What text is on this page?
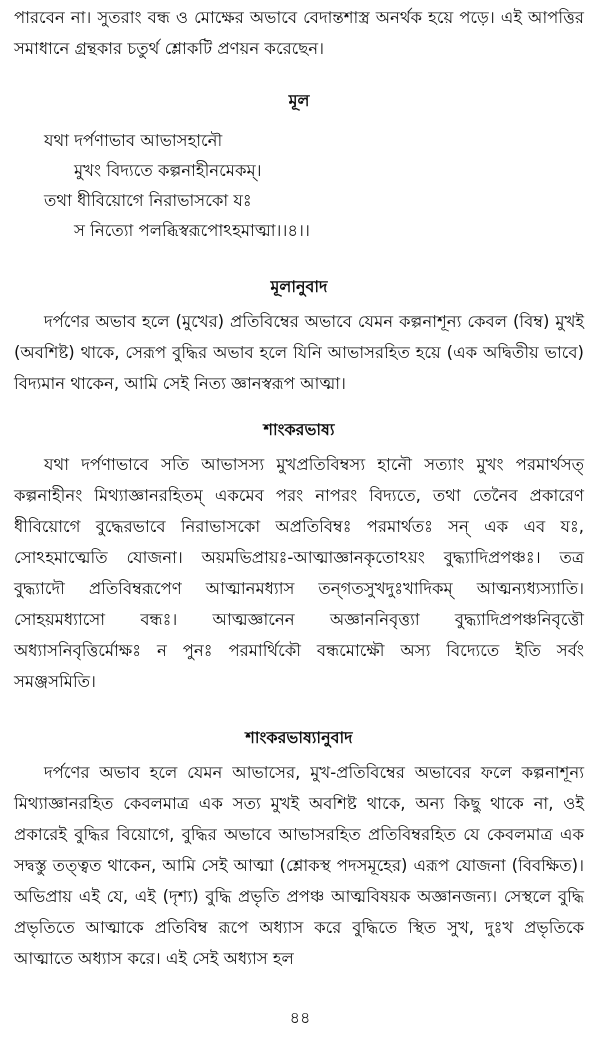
পারবেন না। সুতরাং বন্ধ ও মোক্ষের অভাবে বেদান্তশাস্ত্র অনর্থক হয়ে পড়ে। এই আপত্তির সমাধানে গ্রন্থকার চতুর্থ শ্লোকটি প্রণয়ন করেছেন।

মূল
যথা দর্পণাভাব আভাসহানৌ
মুখং বিদ্যতে কল্পনাহীনমেকম্।
তথা ধীবিয়োগে নিরাভাসকো যঃ
স নিত্যো পলব্ধিস্বরূপোঽহমাত্মা।।৪।।
মূলানুবাদ

দর্পণের অভাব হলে (মুখের) প্রতিবিম্বের অভাবে যেমন কল্পনাশূন্য কেবল (বিম্ব) মুখই (অবশিষ্ট) থাকে, সেরূপ বুদ্ধির অভাব হলে যিনি আভাসরহিত হয়ে (এক অদ্বিতীয় ভাবে) বিদ্যমান থাকেন, আমি সেই নিত্য জ্ঞানস্বরূপ আত্মা।

শাংকরভাষ্য

যথা দর্পণাভাবে সতি আভাসস্য মুখপ্রতিবিম্বস্য হানৌ সত্যাং মুখং পরমার্থসত্ কল্পনাহীনং মিথ্যাজ্ঞানরহিতম্ একমেব পরং নাপরং বিদ্যতে, তথা তেনৈব প্রকারেণ ধীবিয়োগে বুদ্ধেরভাবে নিরাভাসকো অপ্রতিবিম্বঃ পরমার্থতঃ সন্ এক এব যঃ, সোঽহমাত্মেতি যোজনা। অয়মভিপ্রায়ঃ-আত্মাজ্ঞানকৃতোঽয়ং বুদ্ধ্যাদিপ্রপঞ্চঃ। তত্র বুদ্ধ্যাদৌ প্রতিবিম্বরূপেণ আত্মানমধ্যাস তন্গতসুখদুঃখাদিকম্ আত্মন্যধ্যস্যাতি। সোহয়মধ্যাসো বন্ধঃ। আত্মজ্ঞানেন অজ্ঞাননিবৃত্ত্যা বুদ্ধ্যাদিপ্রপঞ্চনিবৃত্তৌ অধ্যাসনিবৃত্তির্মোক্ষঃ ন পুনঃ পরমার্থিকৌ বন্ধমোক্ষৌ অস্য বিদ্যেতে ইতি সর্বং সমঞ্জসমিতি।

শাংকরভাষ্যানুবাদ

দর্পণের অভাব হলে যেমন আভাসের, মুখ-প্রতিবিম্বের অভাবের ফলে কল্পনাশূন্য মিথ্যাজ্ঞানরহিত কেবলমাত্র এক সত্য মুখই অবশিষ্ট থাকে, অন্য কিছু থাকে না, ওই প্রকারেই বুদ্ধির বিয়োগে, বুদ্ধির অভাবে আভাসরহিত প্রতিবিম্বরহিত যে কেবলমাত্র এক সদ্বস্তু তত্ত্বত থাকেন, আমি সেই আত্মা (শ্লোকস্থ পদসমূহের) এরূপ যোজনা (বিবক্ষিত)। অভিপ্রায় এই যে, এই (দৃশ্য) বুদ্ধি প্রভৃতি প্রপঞ্চ আত্মবিষয়ক অজ্ঞানজন্য। সেস্থলে বুদ্ধি প্রভৃতিতে আত্মাকে প্রতিবিম্ব রূপে অধ্যাস করে বুদ্ধিতে স্থিত সুখ, দুঃখ প্রভৃতিকে আত্মাতে অধ্যাস করে। এই সেই অধ্যাস হল

৪৪
